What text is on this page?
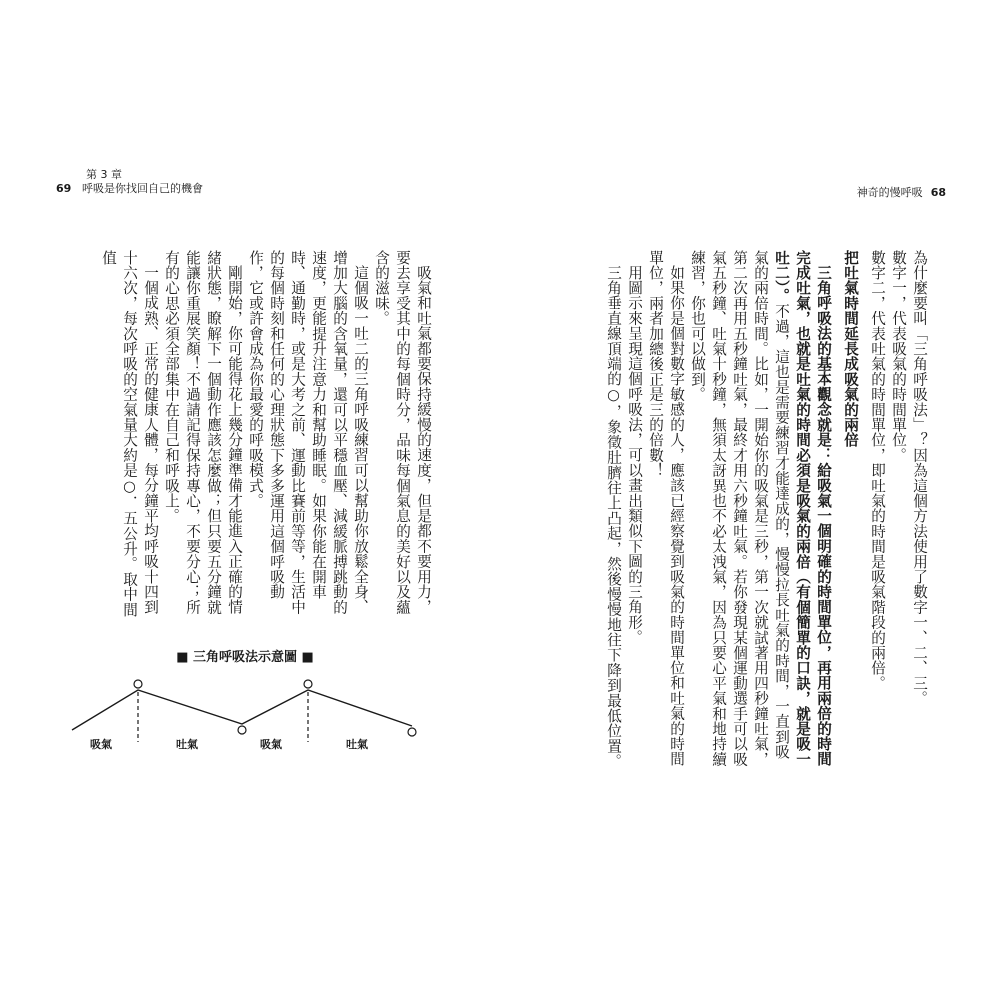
第 3 章
69 呼吸是你找回自己的機會	神奇的慢呼吸 68

為什麼要叫「三角呼吸法」？因為這個方法使用了數字一、二、三。

數字一，代表吸氣的時間單位。

數字二，代表吐氣的時間單位，即吐氣的時間是吸氣階段的兩倍。

把吐氣時間延長成吸氣的兩倍

三角呼吸法的基本觀念就是：給吸氣一個明確的時間單位，再用兩倍的時間完成吐氣，也就是吐氣的時間必須是吸氣的兩倍（有個簡單的口訣，就是吸一吐二）。不過，這也是需要練習才能達成的，慢慢拉長吐氣的時間，一直到吸氣的兩倍時間。比如，一開始你的吸氣是三秒，第一次就試著用四秒鐘吐氣，第二次再用五秒鐘吐氣，最終才用六秒鐘吐氣。若你發現某個運動選手可以吸氣五秒鐘、吐氣十秒鐘，無須太訝異也不必太洩氣，因為只要心平氣和地持續練習，你也可以做到。

如果你是個對數字敏感的人，應該已經察覺到吸氣的時間單位和吐氣的時間單位，兩者加總後正是三的倍數！

用圖示來呈現這個呼吸法，可以畫出類似下圖的三角形。

三角垂直線頂端的○，象徵肚臍往上凸起，然後慢慢地往下降到最低位置。

吸氣和吐氣都要保持緩慢的速度，但是都不要用力，要去享受其中的每個時分，品味每個氣息的美好以及蘊含的滋味。

這個吸一吐二的三角呼吸練習可以幫助你放鬆全身、增加大腦的含氧量，還可以平穩血壓、減緩脈搏跳動的速度，更能提升注意力和幫助睡眠。如果你能在開車時、通勤時，或是大考之前、運動比賽前等等，生活中的每個時刻和任何的心理狀態下多多運用這個呼吸動作，它或許會成為你最愛的呼吸模式。

剛開始，你可能得花上幾分鐘準備才能進入正確的情緒狀態，瞭解下一個動作應該怎麼做；但只要五分鐘就能讓你重展笑顏！不過請記得保持專心，不要分心；所有的心思必須全部集中在自己和呼吸上。

一個成熟、正常的健康人體，每分鐘平均呼吸十四到十六次，每次呼吸的空氣量大約是○．五公升。取中間值

■ 三角呼吸法示意圖 ■
吸氣	吐氣	吸氣	吐氣
